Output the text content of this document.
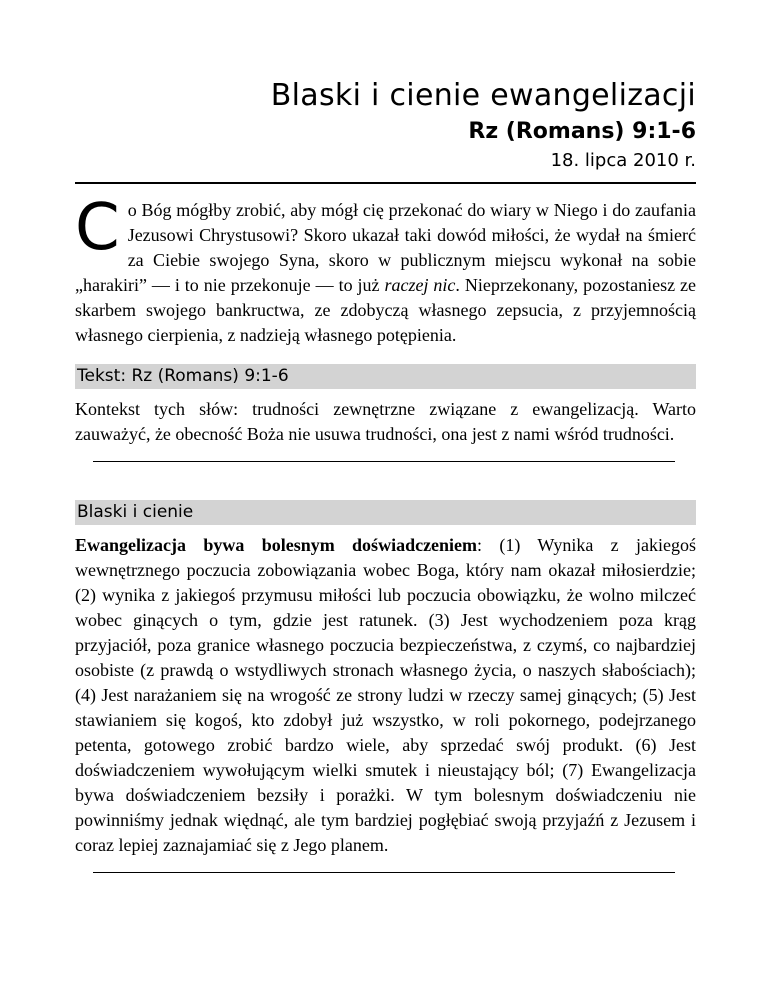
Blaski i cienie ewangelizacji
Rz (Romans) 9:1-6
18. lipca 2010 r.
Co Bóg mógłby zrobić, aby mógł cię przekonać do wiary w Niego i do zaufania Jezusowi Chrystusowi? Skoro ukazał taki dowód miłości, że wydał na śmierć za Ciebie swojego Syna, skoro w publicznym miejscu wykonał na sobie „harakiri” — i to nie przekonuje — to już raczej nic. Nieprzekonany, pozostaniesz ze skarbem swojego bankructwa, ze zdobyczą własnego zepsucia, z przyjemnością własnego cierpienia, z nadzieją własnego potępienia.
Tekst: Rz (Romans) 9:1-6
Kontekst tych słów: trudności zewnętrzne związane z ewangelizacją. Warto zauważyć, że obecność Boża nie usuwa trudności, ona jest z nami wśród trudności.
Blaski i cienie
Ewangelizacja bywa bolesnym doświadczeniem: (1) Wynika z jakiegoś wewnętrznego poczucia zobowiązania wobec Boga, który nam okazał miłosierdzie; (2) wynika z jakiegoś przymusu miłości lub poczucia obowiązku, że wolno milczeć wobec ginących o tym, gdzie jest ratunek. (3) Jest wychodzeniem poza krąg przyjaciół, poza granice własnego poczucia bezpieczeństwa, z czymś, co najbardziej osobiste (z prawdą o wstydliwych stronach własnego życia, o naszych słabościach); (4) Jest narażaniem się na wrogość ze strony ludzi w rzeczy samej ginących; (5) Jest stawianiem się kogoś, kto zdobył już wszystko, w roli pokornego, podejrzanego petenta, gotowego zrobić bardzo wiele, aby sprzedać swój produkt. (6) Jest doświadczeniem wywołującym wielki smutek i nieustający ból; (7) Ewangelizacja bywa doświadczeniem bezsiły i porażki. W tym bolesnym doświadczeniu nie powinniśmy jednak więdnąć, ale tym bardziej pogłębiać swoją przyjaźń z Jezusem i coraz lepiej zaznajamiać się z Jego planem.
